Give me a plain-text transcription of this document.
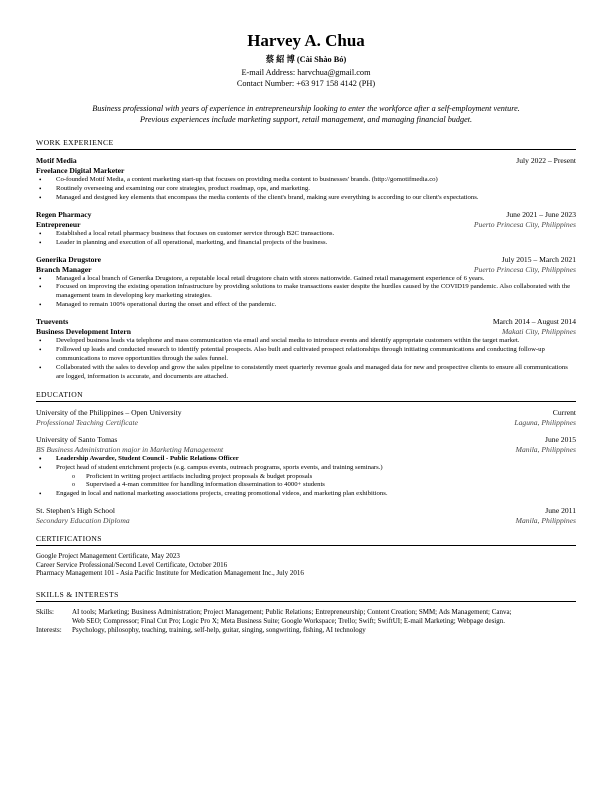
Harvey A. Chua
蔡 紹 博 (Cài Shào Bó)
E-mail Address: harvchua@gmail.com
Contact Number: +63 917 158 4142 (PH)
Business professional with years of experience in entrepreneurship looking to enter the workforce after a self-employment venture.
Previous experiences include marketing support, retail management, and managing financial budget.
WORK EXPERIENCE
Motif Media	July 2022 – Present
Freelance Digital Marketer
• Co-founded Motif Media, a content marketing start-up that focuses on providing media content to businesses' brands. (http://gomotifmedia.co)
• Routinely overseeing and examining our core strategies, product roadmap, ops, and marketing.
• Managed and designed key elements that encompass the media contents of the client's brand, making sure everything is according to our client's expectations.
Regen Pharmacy	June 2021 – June 2023
Entrepreneur	Puerto Princesa City, Philippines
• Established a local retail pharmacy business that focuses on customer service through B2C transactions.
• Leader in planning and execution of all operational, marketing, and financial projects of the business.
Generika Drugstore	July 2015 – March 2021
Branch Manager	Puerto Princesa City, Philippines
• Managed a local branch of Generika Drugstore, a reputable local retail drugstore chain with stores nationwide. Gained retail management experience of 6 years.
• Focused on improving the existing operation infrastructure by providing solutions to make transactions easier despite the hurdles caused by the COVID19 pandemic. Also collaborated with the management team in developing key marketing strategies.
• Managed to remain 100% operational during the onset and effect of the pandemic.
Truevents	March 2014 – August 2014
Business Development Intern	Makati City, Philippines
• Developed business leads via telephone and mass communication via email and social media to introduce events and identify appropriate customers within the target market.
• Followed up leads and conducted research to identify potential prospects. Also built and cultivated prospect relationships through initiating communications and conducting follow-up communications to move opportunities through the sales funnel.
• Collaborated with the sales to develop and grow the sales pipeline to consistently meet quarterly revenue goals and managed data for new and prospective clients to ensure all communications are logged, information is accurate, and documents are attached.
EDUCATION
University of the Philippines – Open University	Current
Professional Teaching Certificate	Laguna, Philippines
University of Santo Tomas	June 2015
BS Business Administration major in Marketing Management	Manila, Philippines
• Leadership Awardee, Student Council - Public Relations Officer
• Project head of student enrichment projects (e.g. campus events, outreach programs, sports events, and training seminars.)
o Proficient in writing project artifacts including project proposals & budget proposals
o Supervised a 4-man committee for handling information dissemination to 4000+ students
• Engaged in local and national marketing associations projects, creating promotional videos, and marketing plan exhibitions.
St. Stephen's High School	June 2011
Secondary Education Diploma	Manila, Philippines
CERTIFICATIONS
Google Project Management Certificate, May 2023
Career Service Professional/Second Level Certificate, October 2016
Pharmacy Management 101 - Asia Pacific Institute for Medication Management Inc., July 2016
SKILLS & INTERESTS
Skills:	AI tools; Marketing; Business Administration; Project Management; Public Relations; Entrepreneurship; Content Creation; SMM; Ads Management; Canva;
Web SEO; Compressor; Final Cut Pro; Logic Pro X; Meta Business Suite; Google Workspace; Trello; Swift; SwiftUI; E-mail Marketing; Webpage design.
Interests:	Psychology, philosophy, teaching, training, self-help, guitar, singing, songwriting, fishing, AI technology
